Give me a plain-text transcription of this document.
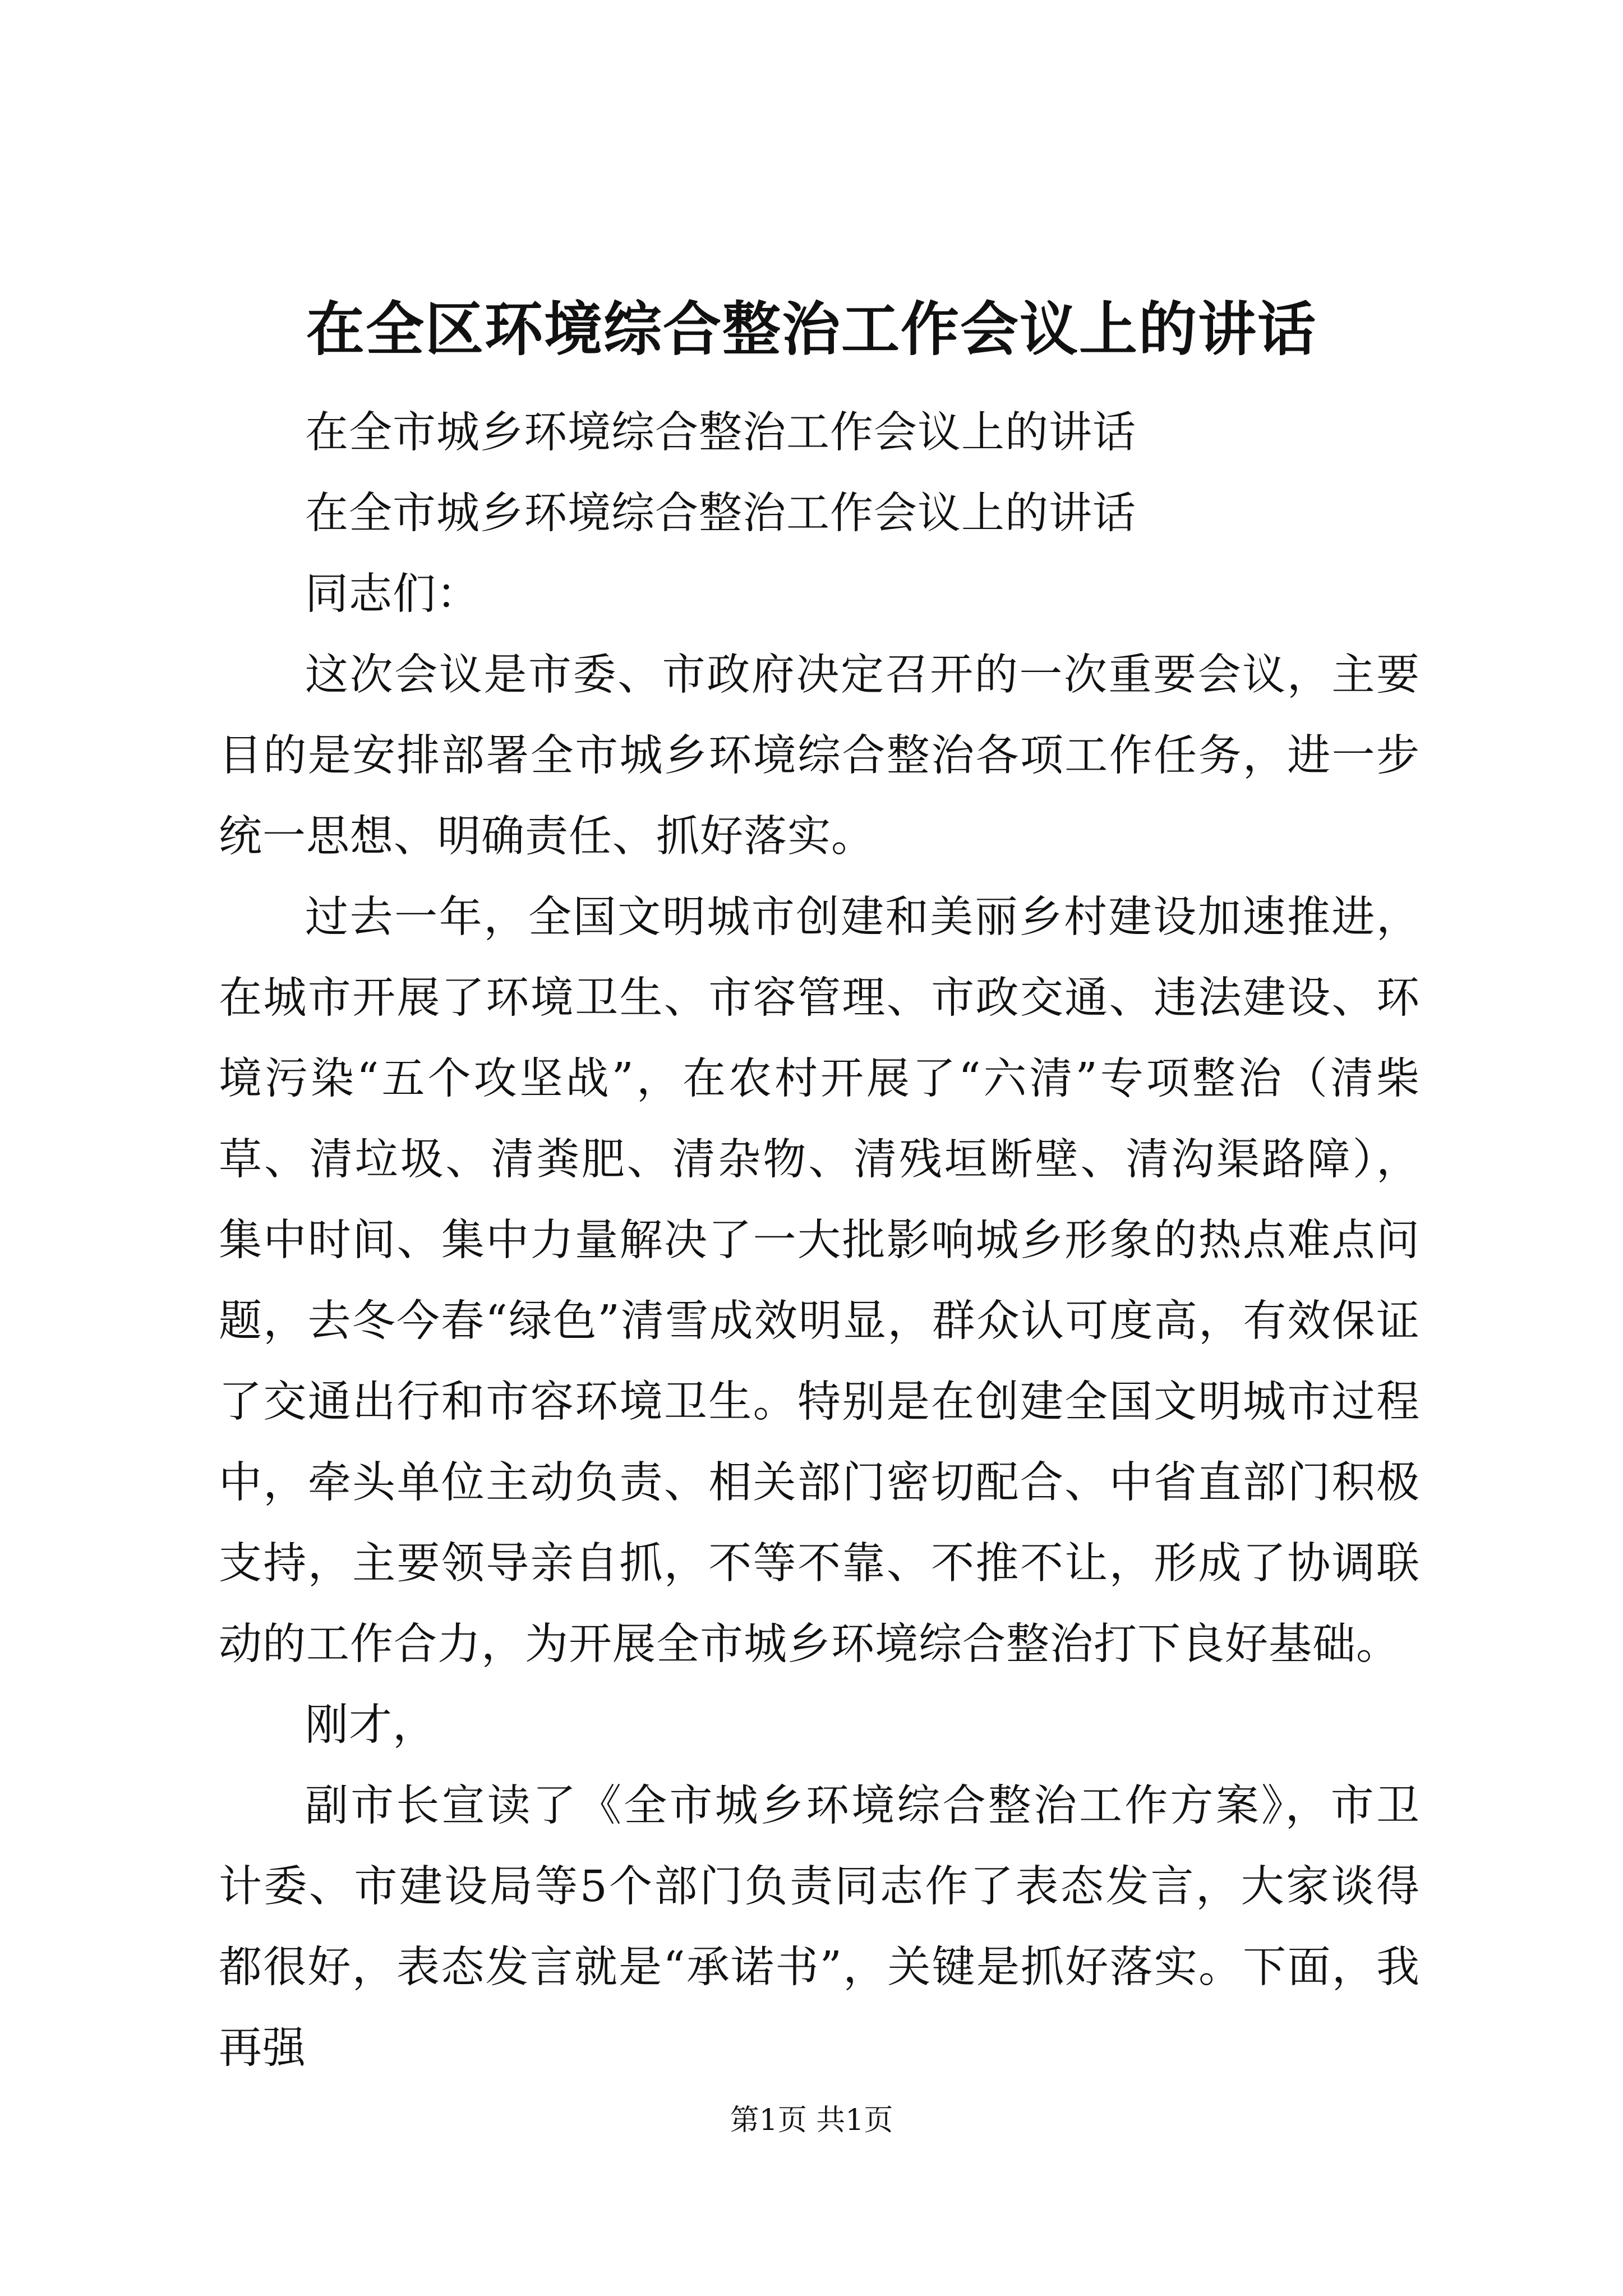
在全区环境综合整治工作会议上的讲话

在全市城乡环境综合整治工作会议上的讲话

在全市城乡环境综合整治工作会议上的讲话

同志们：

这次会议是市委、市政府决定召开的一次重要会议，主要目的是安排部署全市城乡环境综合整治各项工作任务，进一步统一思想、明确责任、抓好落实。

过去一年，全国文明城市创建和美丽乡村建设加速推进，在城市开展了环境卫生、市容管理、市政交通、违法建设、环境污染“五个攻坚战”，在农村开展了“六清”专项整治（清柴草、清垃圾、清粪肥、清杂物、清残垣断壁、清沟渠路障），集中时间、集中力量解决了一大批影响城乡形象的热点难点问题，去冬今春“绿色”清雪成效明显，群众认可度高，有效保证了交通出行和市容环境卫生。特别是在创建全国文明城市过程中，牵头单位主动负责、相关部门密切配合、中省直部门积极支持，主要领导亲自抓，不等不靠、不推不让，形成了协调联动的工作合力，为开展全市城乡环境综合整治打下良好基础。

刚才，

副市长宣读了《全市城乡环境综合整治工作方案》，市卫计委、市建设局等5个部门负责同志作了表态发言，大家谈得都很好，表态发言就是“承诺书”，关键是抓好落实。下面，我再强

第1页 共1页
